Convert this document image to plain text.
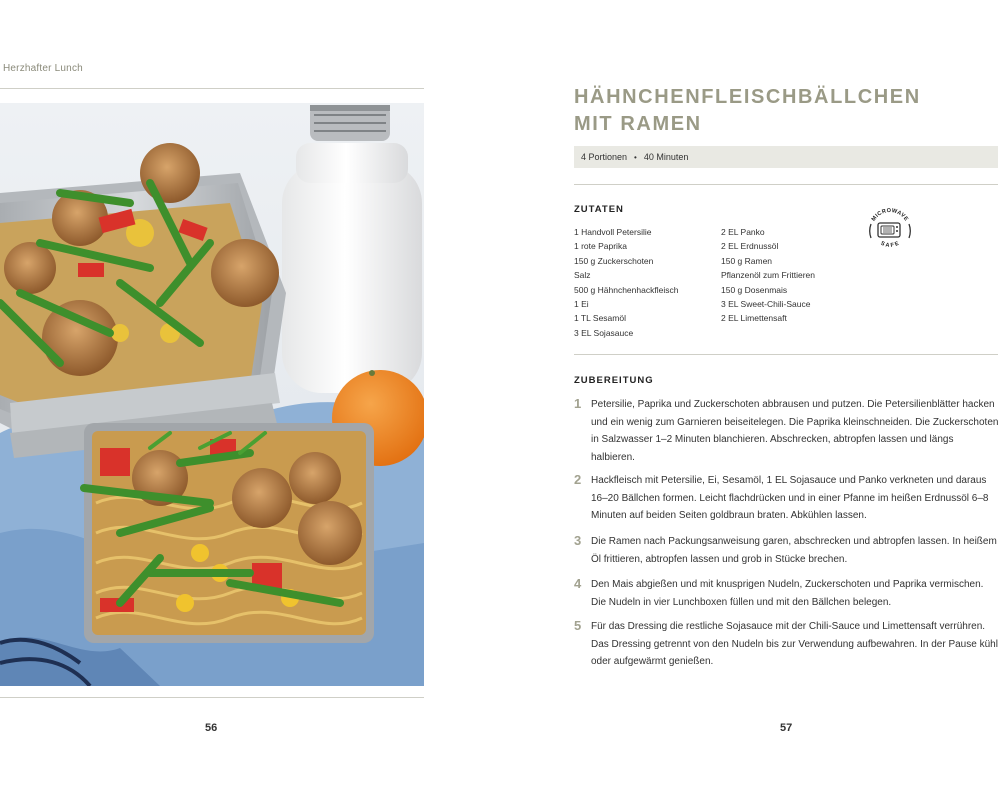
Herzhafter Lunch
56
HÄHNCHENFLEISCHBÄLLCHEN
MIT RAMEN
4 Portionen • 40 Minuten
ZUTATEN
1 Handvoll Petersilie
1 rote Paprika
150 g Zuckerschoten
Salz
500 g Hähnchenhackfleisch
1 Ei
1 TL Sesamöl
3 EL Sojasauce
2 EL Panko
2 EL Erdnussöl
150 g Ramen
Pflanzenöl zum Frittieren
150 g Dosenmais
3 EL Sweet-Chili-Sauce
2 EL Limettensaft
MICROWAVE
SAFE
ZUBEREITUNG
1 Petersilie, Paprika und Zuckerschoten abbrausen und putzen. Die Petersilienblätter hacken und ein wenig zum Garnieren beiseitelegen. Die Paprika kleinschneiden. Die Zuckerschoten in Salzwasser 1–2 Minuten blanchieren. Abschrecken, abtropfen lassen und längs halbieren.
2 Hackfleisch mit Petersilie, Ei, Sesamöl, 1 EL Sojasauce und Panko verkneten und daraus 16–20 Bällchen formen. Leicht flachdrücken und in einer Pfanne im heißen Erdnussöl 6–8 Minuten auf beiden Seiten goldbraun braten. Abkühlen lassen.
3 Die Ramen nach Packungsanweisung garen, abschrecken und abtropfen lassen. In heißem Öl frittieren, abtropfen lassen und grob in Stücke brechen.
4 Den Mais abgießen und mit knusprigen Nudeln, Zuckerschoten und Paprika vermischen. Die Nudeln in vier Lunchboxen füllen und mit den Bällchen belegen.
5 Für das Dressing die restliche Sojasauce mit der Chili-Sauce und Limettensaft verrühren. Das Dressing getrennt von den Nudeln bis zur Verwendung aufbewahren. In der Pause kühl oder aufgewärmt genießen.
57
